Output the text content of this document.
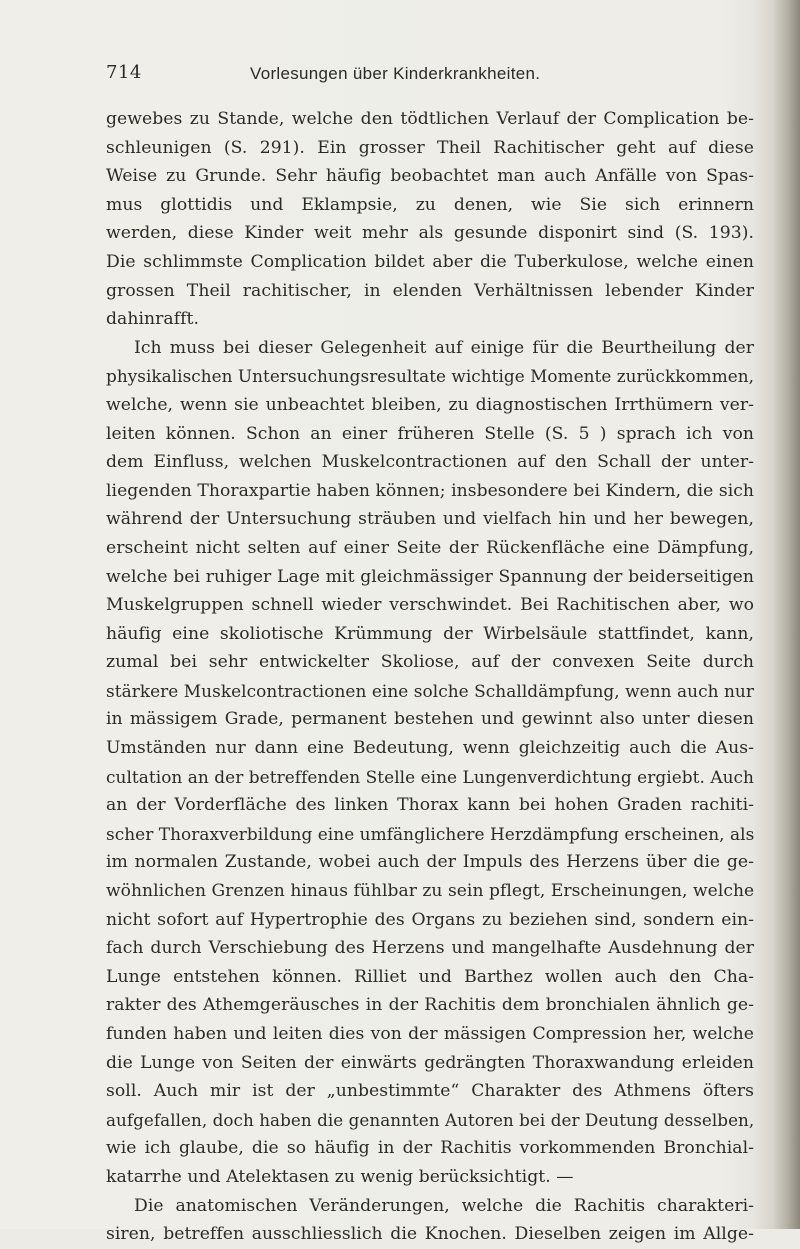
714	Vorlesungen über Kinderkrankheiten.
gewebes zu Stande, welche den tödtlichen Verlauf der Complication be-
schleunigen (S. 291). Ein grosser Theil Rachitischer geht auf diese
Weise zu Grunde. Sehr häufig beobachtet man auch Anfälle von Spas-
mus glottidis und Eklampsie, zu denen, wie Sie sich erinnern
werden, diese Kinder weit mehr als gesunde disponirt sind (S. 193).
Die schlimmste Complication bildet aber die Tuberkulose, welche einen
grossen Theil rachitischer, in elenden Verhältnissen lebender Kinder
dahinrafft.
Ich muss bei dieser Gelegenheit auf einige für die Beurtheilung der
physikalischen Untersuchungsresultate wichtige Momente zurückkommen,
welche, wenn sie unbeachtet bleiben, zu diagnostischen Irrthümern ver-
leiten können. Schon an einer früheren Stelle (S. 5 ) sprach ich von
dem Einfluss, welchen Muskelcontractionen auf den Schall der unter-
liegenden Thoraxpartie haben können; insbesondere bei Kindern, die sich
während der Untersuchung sträuben und vielfach hin und her bewegen,
erscheint nicht selten auf einer Seite der Rückenfläche eine Dämpfung,
welche bei ruhiger Lage mit gleichmässiger Spannung der beiderseitigen
Muskelgruppen schnell wieder verschwindet. Bei Rachitischen aber, wo
häufig eine skoliotische Krümmung der Wirbelsäule stattfindet, kann,
zumal bei sehr entwickelter Skoliose, auf der convexen Seite durch
stärkere Muskelcontractionen eine solche Schalldämpfung, wenn auch nur
in mässigem Grade, permanent bestehen und gewinnt also unter diesen
Umständen nur dann eine Bedeutung, wenn gleichzeitig auch die Aus-
cultation an der betreffenden Stelle eine Lungenverdichtung ergiebt. Auch
an der Vorderfläche des linken Thorax kann bei hohen Graden rachiti-
scher Thoraxverbildung eine umfänglichere Herzdämpfung erscheinen, als
im normalen Zustande, wobei auch der Impuls des Herzens über die ge-
wöhnlichen Grenzen hinaus fühlbar zu sein pflegt, Erscheinungen, welche
nicht sofort auf Hypertrophie des Organs zu beziehen sind, sondern ein-
fach durch Verschiebung des Herzens und mangelhafte Ausdehnung der
Lunge entstehen können. Rilliet und Barthez wollen auch den Cha-
rakter des Athemgeräusches in der Rachitis dem bronchialen ähnlich ge-
funden haben und leiten dies von der mässigen Compression her, welche
die Lunge von Seiten der einwärts gedrängten Thoraxwandung erleiden
soll. Auch mir ist der „unbestimmte“ Charakter des Athmens öfters
aufgefallen, doch haben die genannten Autoren bei der Deutung desselben,
wie ich glaube, die so häufig in der Rachitis vorkommenden Bronchial-
katarrhe und Atelektasen zu wenig berücksichtigt. —
Die anatomischen Veränderungen, welche die Rachitis charakteri-
siren, betreffen ausschliesslich die Knochen. Dieselben zeigen im Allge-
